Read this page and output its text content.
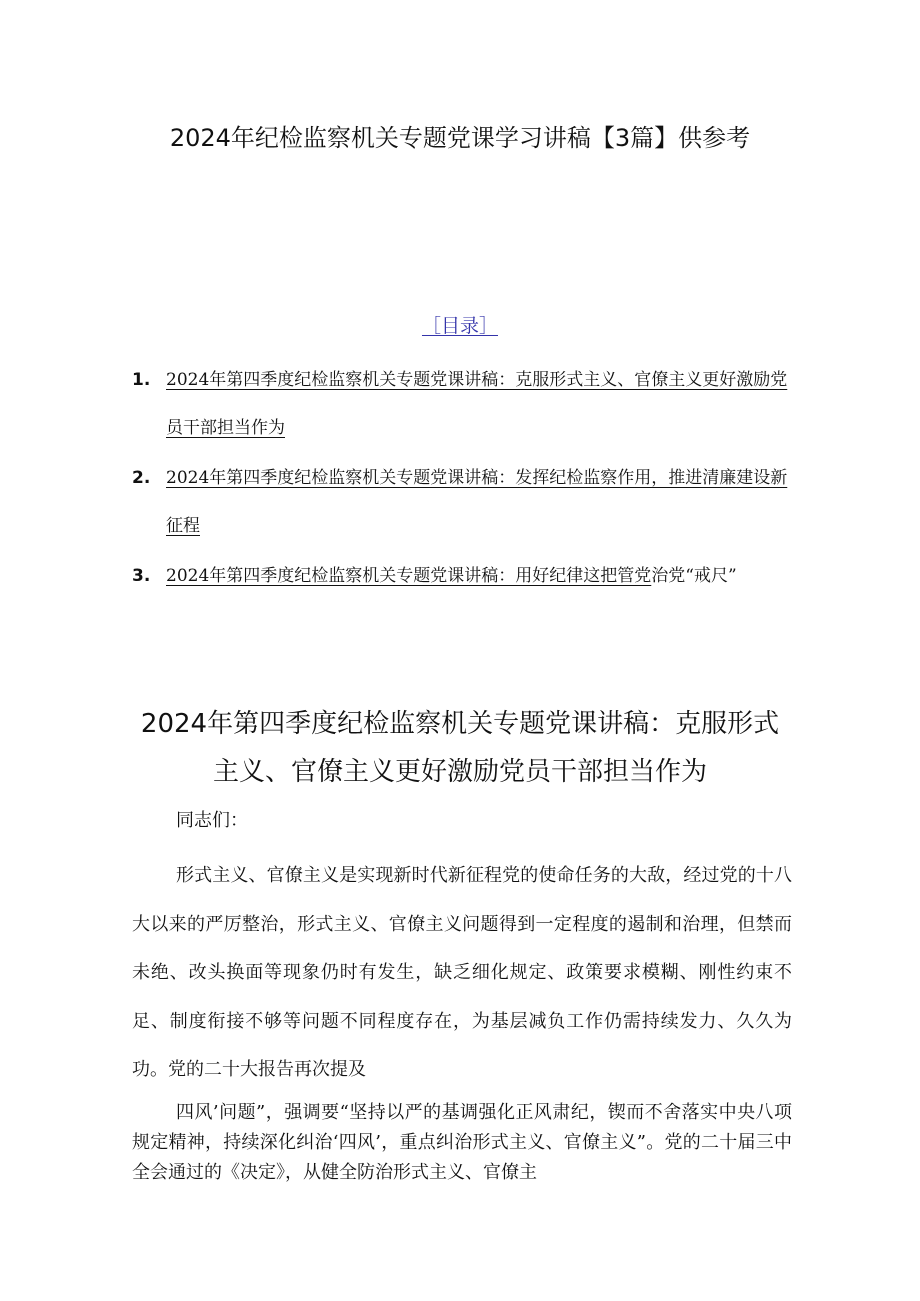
2024年纪检监察机关专题党课学习讲稿【3篇】供参考
［目录］
1. 2024年第四季度纪检监察机关专题党课讲稿：克服形式主义、官僚主义更好激励党员干部担当作为
2. 2024年第四季度纪检监察机关专题党课讲稿：发挥纪检监察作用，推进清廉建设新征程
3. 2024年第四季度纪检监察机关专题党课讲稿：用好纪律这把管党治党“戒尺”
2024年第四季度纪检监察机关专题党课讲稿：克服形式主义、官僚主义更好激励党员干部担当作为
同志们：

形式主义、官僚主义是实现新时代新征程党的使命任务的大敌，经过党的十八大以来的严厉整治，形式主义、官僚主义问题得到一定程度的遏制和治理，但禁而未绝、改头换面等现象仍时有发生，缺乏细化规定、政策要求模糊、刚性约束不足、制度衔接不够等问题不同程度存在，为基层减负工作仍需持续发力、久久为功。党的二十大报告再次提及

四风’问题”，强调要“坚持以严的基调强化正风肃纪，锲而不舍落实中央八项规定精神，持续深化纠治‘四风’，重点纠治形式主义、官僚主义”。党的二十届三中全会通过的《决定》，从健全防治形式主义、官僚主
